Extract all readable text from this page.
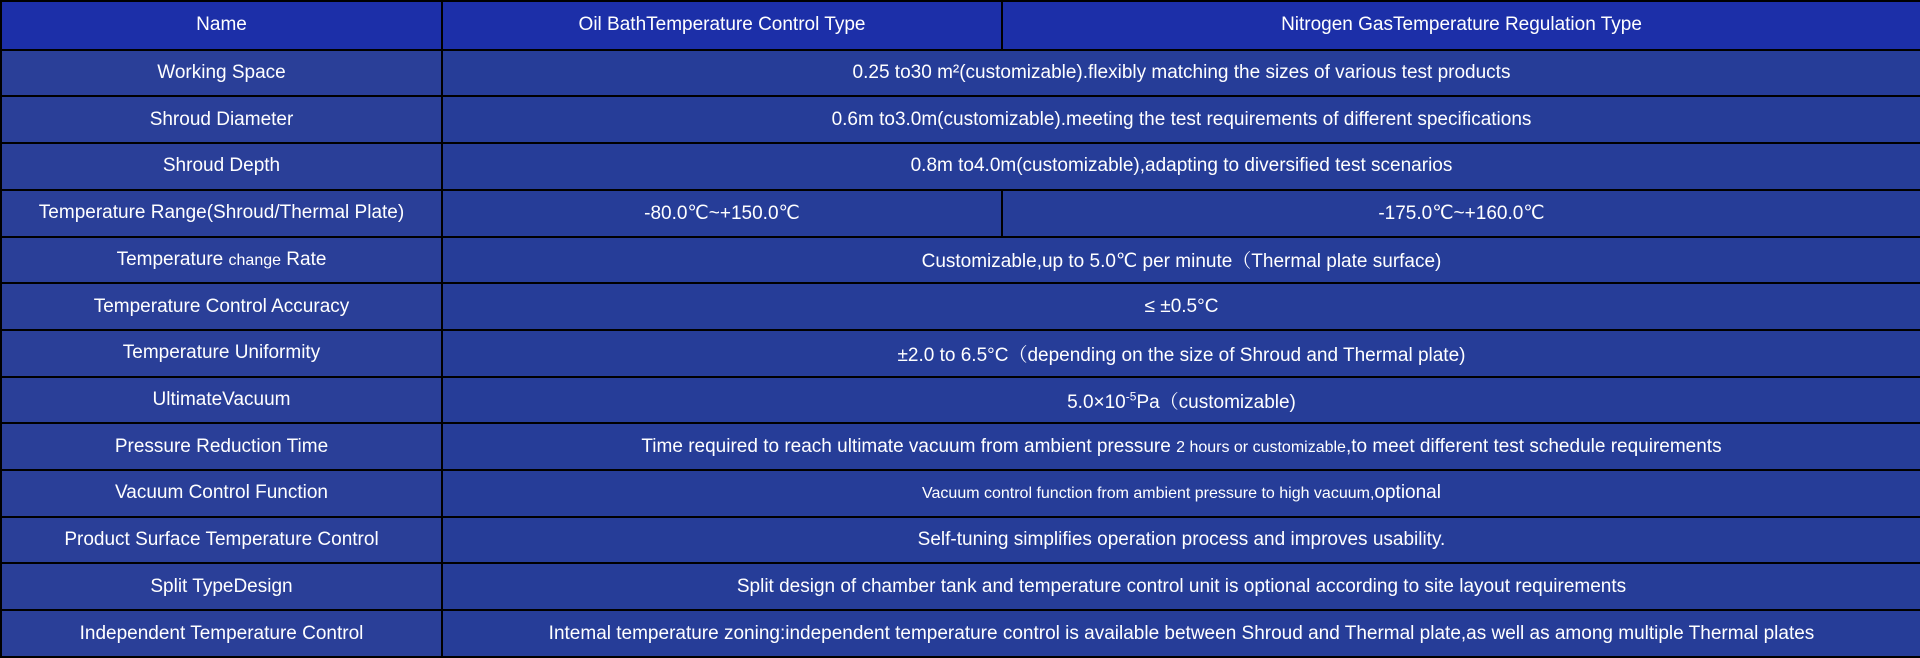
Name	Oil BathTemperature Control Type	Nitrogen GasTemperature Regulation Type
Working Space	0.25 to30 m²(customizable).flexibly matching the sizes of various test products	
Shroud Diameter	0.6m to3.0m(customizable).meeting the test requirements of different specifications	
Shroud Depth	0.8m to4.0m(customizable),adapting to diversified test scenarios	
Temperature Range(Shroud/Thermal Plate)	-80.0℃~+150.0℃	-175.0℃~+160.0℃
Temperature change Rate	Customizable,up to 5.0℃ per minute（Thermal plate surface)	
Temperature Control Accuracy	≤ ±0.5°C	
Temperature Uniformity	±2.0 to 6.5°C（depending on the size of Shroud and Thermal plate)	
UltimateVacuum	$5.0\times 10^{-5}Pa(customizable)$	
Pressure Reduction Time	Time required to reach ultimate vacuum from ambient pressure 2 hours or customizable,to meet different test schedule requirements	
Vacuum Control Function	Vacuum control function from ambient pressure to high vacuum,optional	
Product Surface Temperature Control	Self-tuning simplifies operation process and improves usability.	
Split TypeDesign	Split design of chamber tank and temperature control unit is optional according to site layout requirements	
Independent Temperature Control	Intemal temperature zoning:independent temperature control is available between Shroud and Thermal plate,as well as among multiple Thermal plates	
